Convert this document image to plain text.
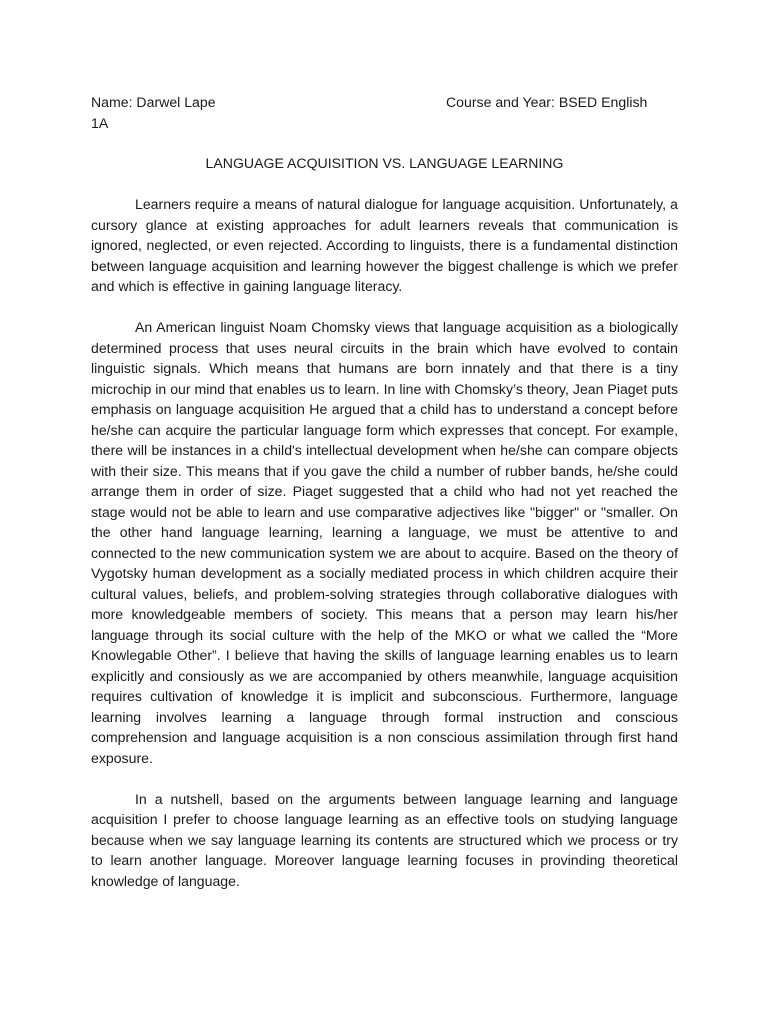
Name: Darwel Lape	Course and Year: BSED English
1A
LANGUAGE ACQUISITION VS. LANGUAGE LEARNING

Learners require a means of natural dialogue for language acquisition. Unfortunately, a cursory glance at existing approaches for adult learners reveals that communication is ignored, neglected, or even rejected. According to linguists, there is a fundamental distinction between language acquisition and learning however the biggest challenge is which we prefer and which is effective in gaining language literacy.

An American linguist Noam Chomsky views that language acquisition as a biologically determined process that uses neural circuits in the brain which have evolved to contain linguistic signals. Which means that humans are born innately and that there is a tiny microchip in our mind that enables us to learn. In line with Chomsky’s theory, Jean Piaget puts emphasis on language acquisition He argued that a child has to understand a concept before he/she can acquire the particular language form which expresses that concept. For example, there will be instances in a child's intellectual development when he/she can compare objects with their size. This means that if you gave the child a number of rubber bands, he/she could arrange them in order of size. Piaget suggested that a child who had not yet reached the stage would not be able to learn and use comparative adjectives like "bigger" or "smaller. On the other hand language learning, learning a language, we must be attentive to and connected to the new communication system we are about to acquire. Based on the theory of Vygotsky human development as a socially mediated process in which children acquire their cultural values, beliefs, and problem-solving strategies through collaborative dialogues with more knowledgeable members of society. This means that a person may learn his/her language through its social culture with the help of the MKO or what we called the “More Knowlegable Other”. I believe that having the skills of language learning enables us to learn explicitly and consiously as we are accompanied by others meanwhile, language acquisition requires cultivation of knowledge it is implicit and subconscious. Furthermore, language learning involves learning a language through formal instruction and conscious comprehension and language acquisition is a non conscious assimilation through first hand exposure.

In a nutshell, based on the arguments between language learning and language acquisition I prefer to choose language learning as an effective tools on studying language because when we say language learning its contents are structured which we process or try to learn another language. Moreover language learning focuses in provinding theoretical knowledge of language.
